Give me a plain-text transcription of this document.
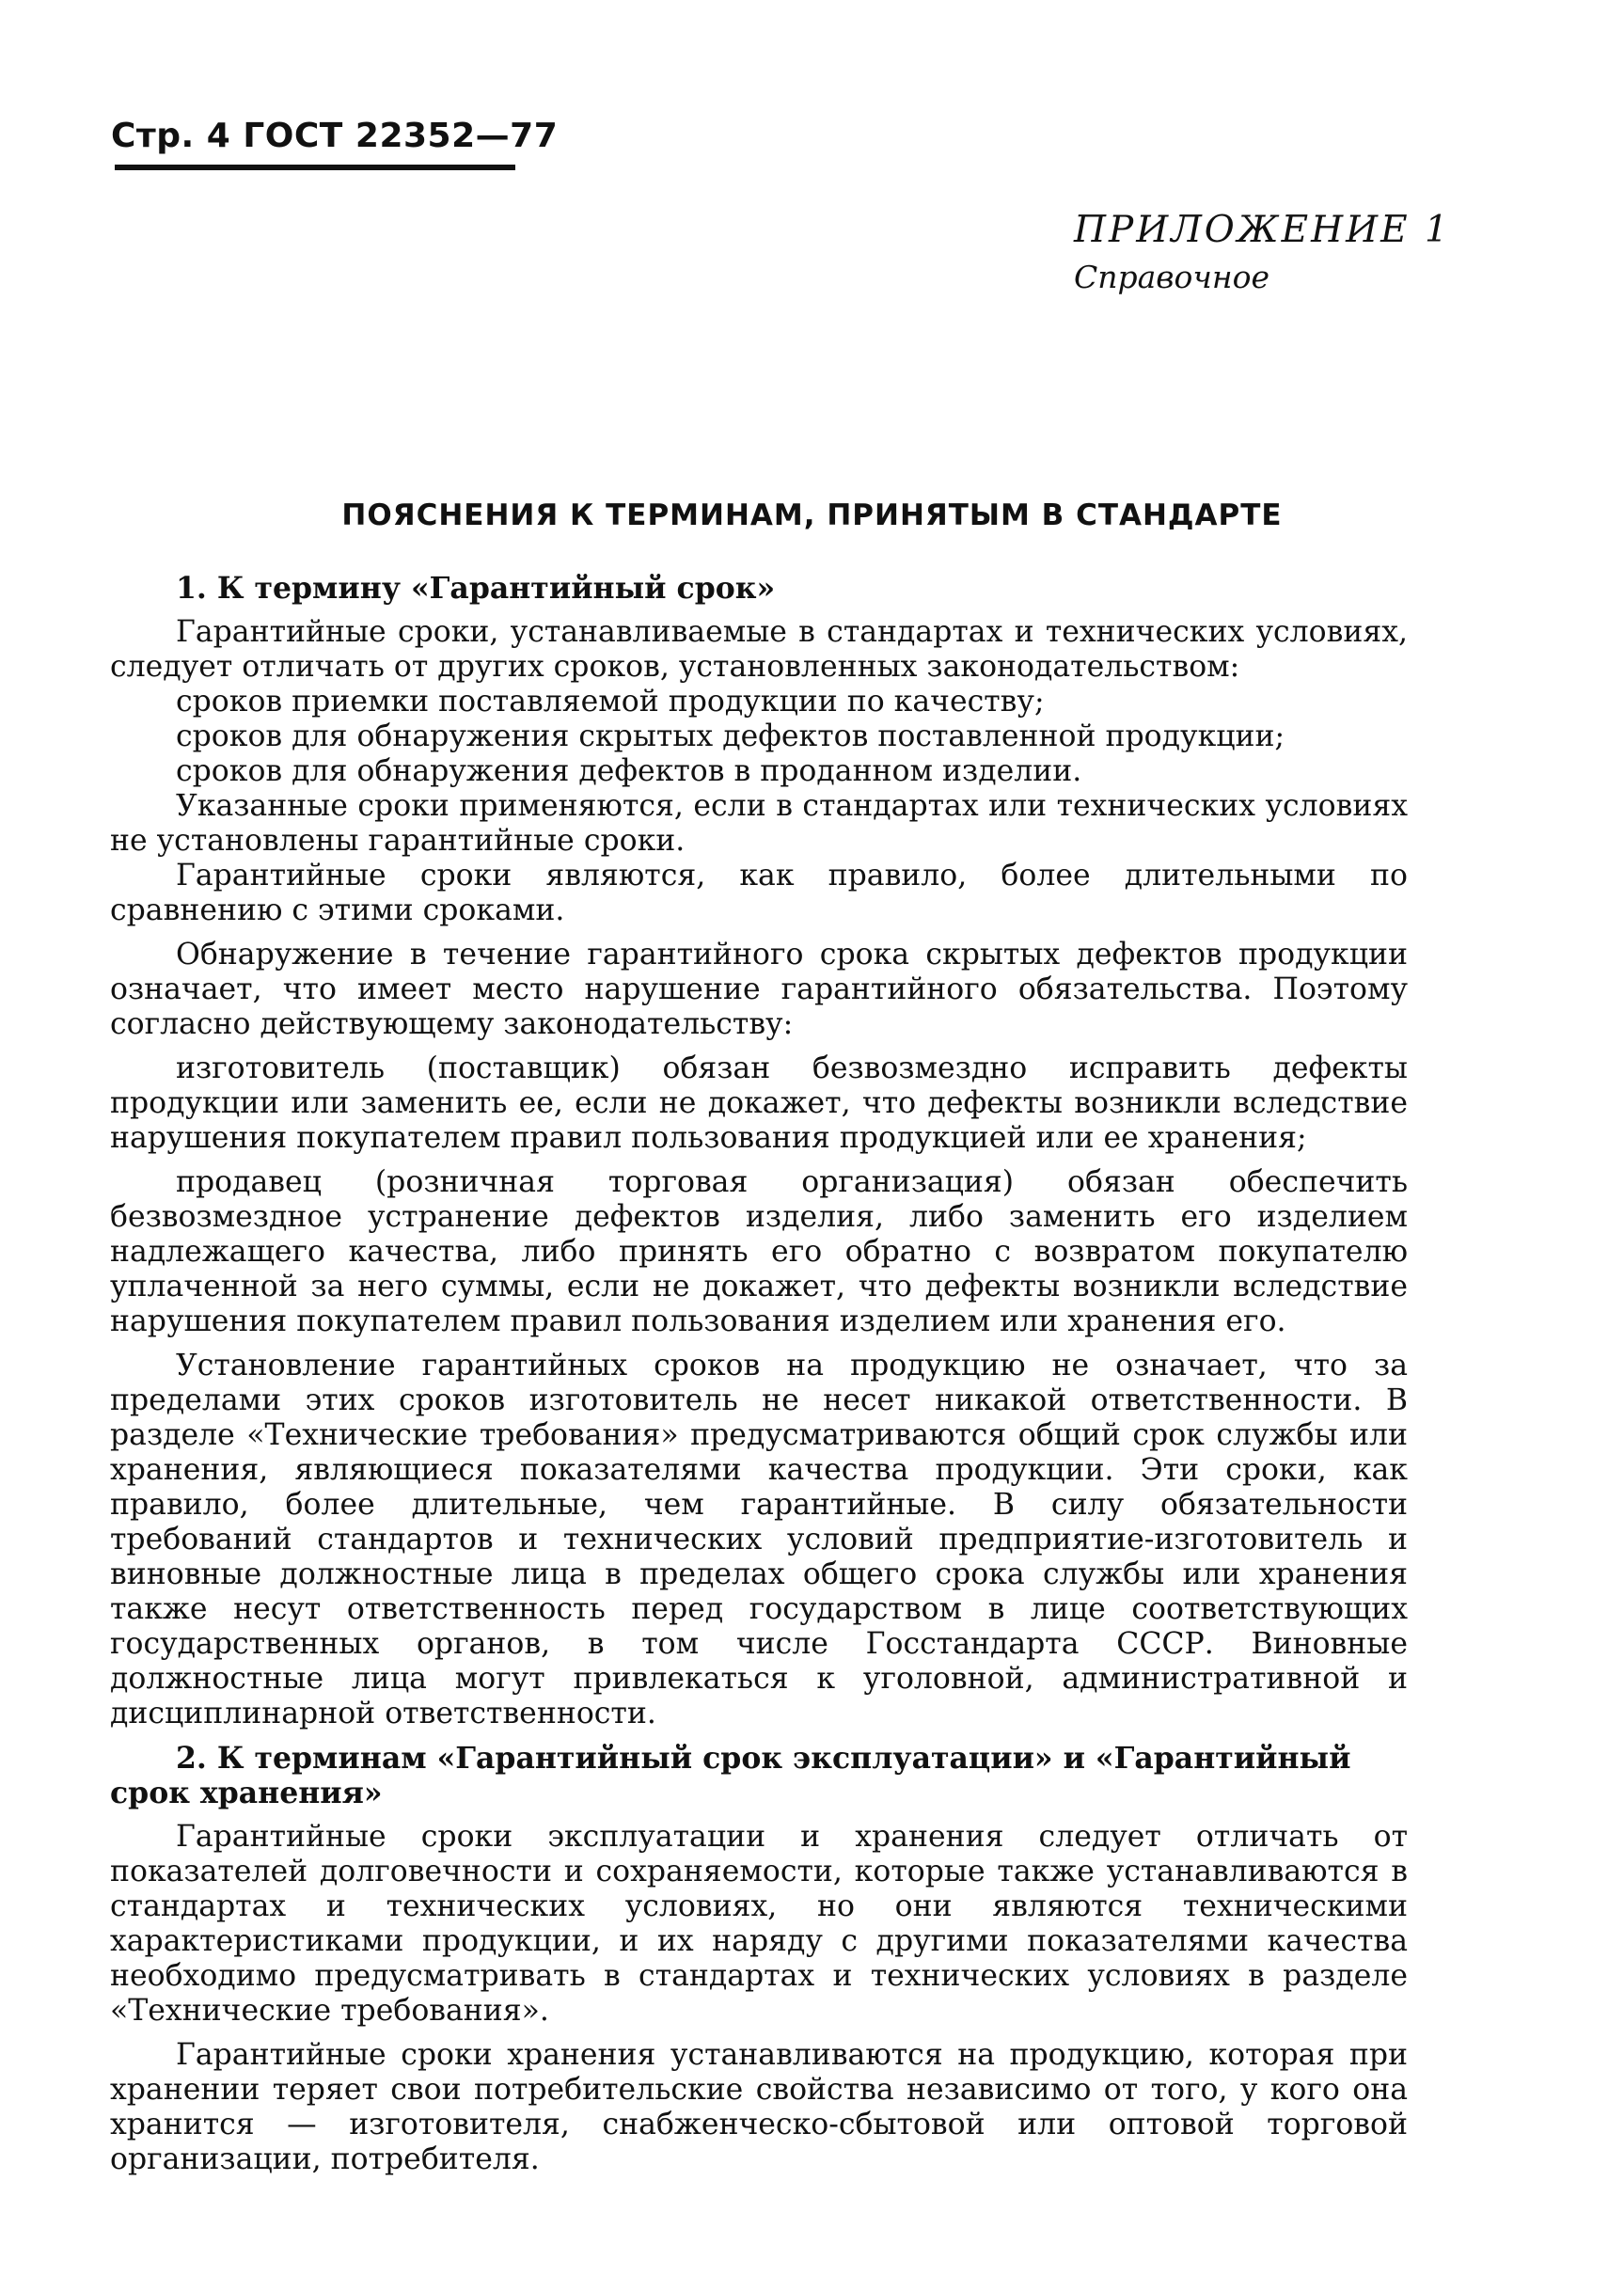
Стр. 4 ГОСТ 22352—77
ПРИЛОЖЕНИЕ 1
Справочное
ПОЯСНЕНИЯ К ТЕРМИНАМ, ПРИНЯТЫМ В СТАНДАРТЕ

1. К термину «Гарантийный срок»

Гарантийные сроки, устанавливаемые в стандартах и технических условиях, следует отличать от других сроков, установленных законодательством:

сроков приемки поставляемой продукции по качеству;

сроков для обнаружения скрытых дефектов поставленной продукции;

сроков для обнаружения дефектов в проданном изделии.

Указанные сроки применяются, если в стандартах или технических условиях не установлены гарантийные сроки.

Гарантийные сроки являются, как правило, более длительными по сравнению с этими сроками.

Обнаружение в течение гарантийного срока скрытых дефектов продукции означает, что имеет место нарушение гарантийного обязательства. Поэтому согласно действующему законодательству:

изготовитель (поставщик) обязан безвозмездно исправить дефекты продукции или заменить ее, если не докажет, что дефекты возникли вследствие нарушения покупателем правил пользования продукцией или ее хранения;

продавец (розничная торговая организация) обязан обеспечить безвозмездное устранение дефектов изделия, либо заменить его изделием надлежащего качества, либо принять его обратно с возвратом покупателю уплаченной за него суммы, если не докажет, что дефекты возникли вследствие нарушения покупателем правил пользования изделием или хранения его.

Установление гарантийных сроков на продукцию не означает, что за пределами этих сроков изготовитель не несет никакой ответственности. В разделе «Технические требования» предусматриваются общий срок службы или хранения, являющиеся показателями качества продукции. Эти сроки, как правило, более длительные, чем гарантийные. В силу обязательности требований стандартов и технических условий предприятие-изготовитель и виновные должностные лица в пределах общего срока службы или хранения также несут ответственность перед государством в лице соответствующих государственных органов, в том числе Госстандарта СССР. Виновные должностные лица могут привлекаться к уголовной, административной и дисциплинарной ответственности.

2. К терминам «Гарантийный срок эксплуатации» и «Гарантийный срок хранения»

Гарантийные сроки эксплуатации и хранения следует отличать от показателей долговечности и сохраняемости, которые также устанавливаются в стандартах и технических условиях, но они являются техническими характеристиками продукции, и их наряду с другими показателями качества необходимо предусматривать в стандартах и технических условиях в разделе «Технические требования».

Гарантийные сроки хранения устанавливаются на продукцию, которая при хранении теряет свои потребительские свойства независимо от того, у кого она хранится — изготовителя, снабженческо-сбытовой или оптовой торговой организации, потребителя.
